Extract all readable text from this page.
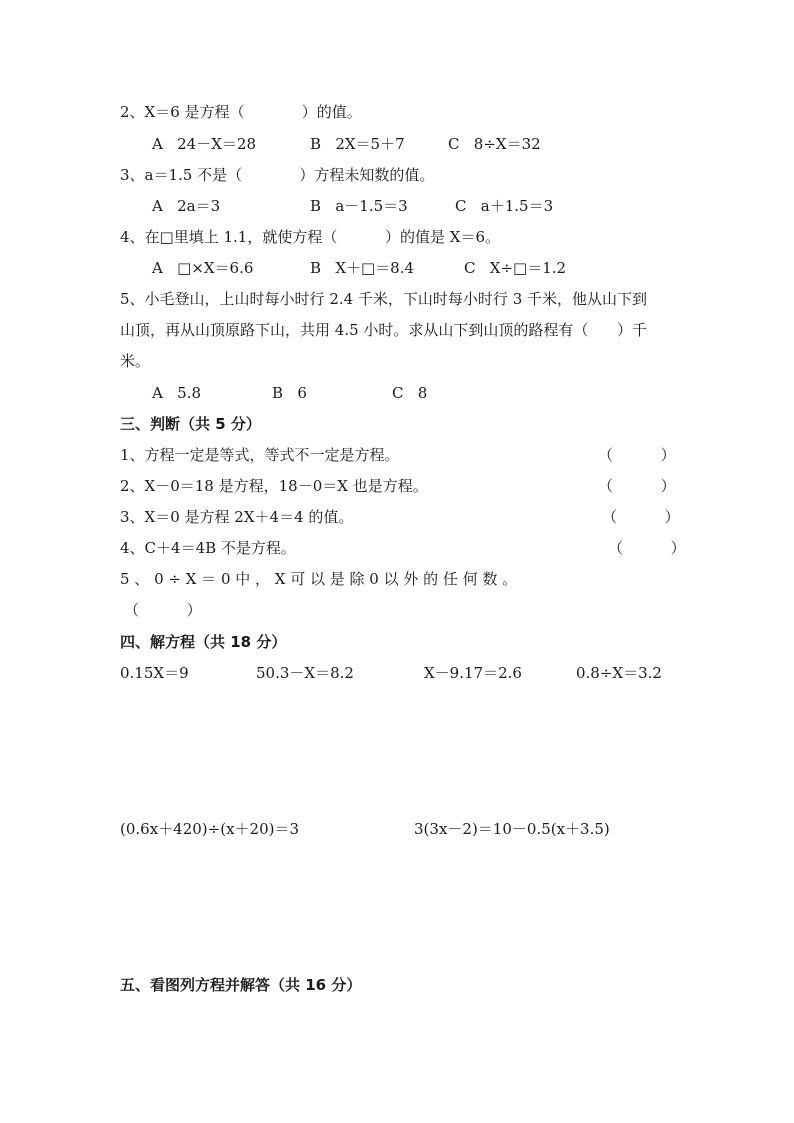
2、X＝6 是方程（            ）的值。
A   24－X＝28	B   2X＝5＋7	C   8÷X＝32
3、a＝1.5 不是（            ）方程未知数的值。
A   2a＝3	B   a－1.5＝3	C   a＋1.5＝3
4、在□里填上 1.1，就使方程（          ）的值是 X＝6。
A   □×X＝6.6	B   X＋□＝8.4	C   X÷□＝1.2
5、小毛登山，上山时每小时行 2.4 千米，下山时每小时行 3 千米，他从山下到
山顶，再从山顶原路下山，共用 4.5 小时。求从山下到山顶的路程有（      ）千
米。
A   5.8	B   6	C   8
三、判断（共 5 分）
1、方程一定是等式，等式不一定是方程。	（          ）
2、X－0＝18 是方程，18－0＝X 也是方程。	（          ）
3、X＝0 是方程 2X＋4＝4 的值。	（          ）
4、C＋4＝4B 不是方程。	（          ）
5 、 0 ÷ X ＝ 0 中 ， X 可 以 是 除 0 以 外 的 任 何 数 。
（          ）
四、解方程（共 18 分）
0.15X＝9	50.3－X＝8.2	X－9.17＝2.6	0.8÷X＝3.2
(0.6x＋420)÷(x＋20)＝3	3(3x－2)＝10－0.5(x＋3.5)
五、看图列方程并解答（共 16 分）
